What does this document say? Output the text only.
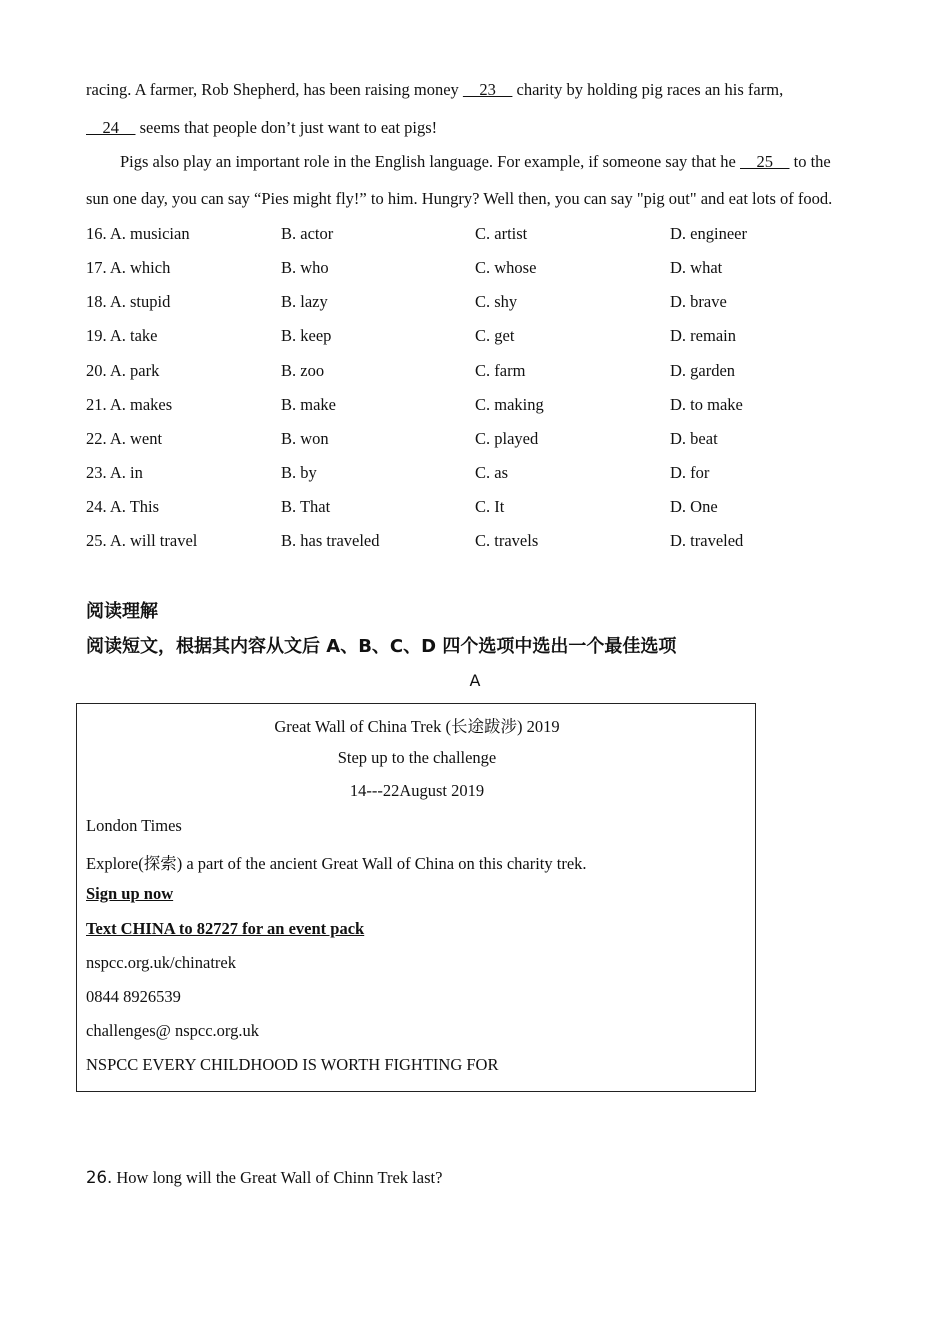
racing. A farmer, Rob Shepherd, has been raising money     23     charity by holding pig races an his farm,
24     seems that people don’t just want to eat pigs!
Pigs also play an important role in the English language. For example, if someone say that he     25     to the
sun one day, you can say “Pies might fly!” to him. Hungry? Well then, you can say "pig out" and eat lots of food.
16. A. musician	B. actor	C. artist	D. engineer
17. A. which	B. who	C. whose	D. what
18. A. stupid	B. lazy	C. shy	D. brave
19. A. take	B. keep	C. get	D. remain
20. A. park	B. zoo	C. farm	D. garden
21. A. makes	B. make	C. making	D. to make
22. A. went	B. won	C. played	D. beat
23. A. in	B. by	C. as	D. for
24. A. This	B. That	C. It	D. One
25. A. will travel	B. has traveled	C. travels	D. traveled
阅读理解
阅读短文，根据其内容从文后 A、B、C、D 四个选项中选出一个最佳选项
A
Great Wall of China Trek (长途跋涉) 2019
Step up to the challenge
14---22August 2019
London Times
Explore(探索) a part of the ancient Great Wall of China on this charity trek.
Sign up now
Text CHINA to 82727 for an event pack
nspcc.org.uk/chinatrek
0844 8926539
challenges@ nspcc.org.uk
NSPCC EVERY CHILDHOOD IS WORTH FIGHTING FOR
26. How long will the Great Wall of Chinn Trek last?
